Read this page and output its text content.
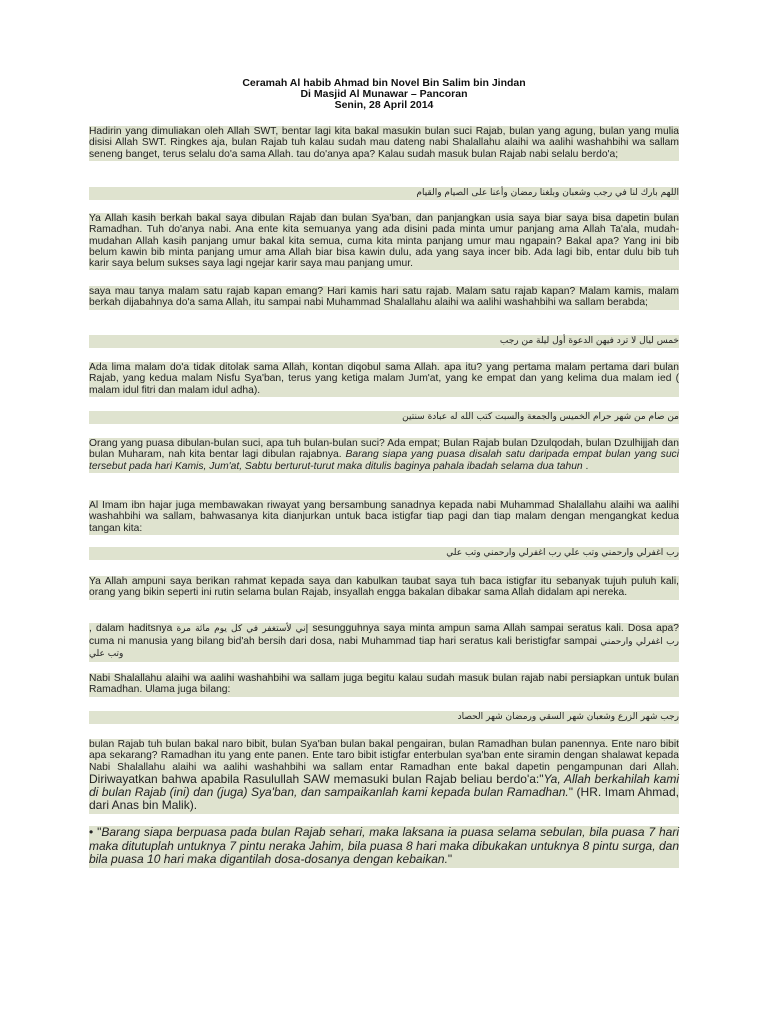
Ceramah Al habib Ahmad bin Novel Bin Salim bin Jindan
Di Masjid Al Munawar – Pancoran
Senin, 28 April 2014
Hadirin yang dimuliakan oleh Allah SWT, bentar lagi kita bakal masukin bulan suci Rajab, bulan yang agung, bulan yang mulia disisi Allah SWT. Ringkes aja, bulan Rajab tuh kalau sudah mau dateng nabi Shalallahu alaihi wa aalihi washahbihi wa sallam seneng banget, terus selalu do'a sama Allah. tau do'anya apa? Kalau sudah masuk bulan Rajab nabi selalu berdo'a;
اللهم بارك لنا في رجب وشعبان وبلغنا رمضان وأعنا على الصيام والقيام
Ya Allah kasih berkah bakal saya dibulan Rajab dan bulan Sya'ban, dan panjangkan usia saya biar saya bisa dapetin bulan Ramadhan. Tuh do'anya nabi. Ana ente kita semuanya yang ada disini pada minta umur panjang ama Allah Ta'ala, mudah-mudahan Allah kasih panjang umur bakal kita semua, cuma kita minta panjang umur mau ngapain? Bakal apa? Yang ini bib belum kawin bib minta panjang umur ama Allah biar bisa kawin dulu, ada yang saya incer bib. Ada lagi bib, entar dulu bib tuh karir saya belum sukses saya lagi ngejar karir saya mau panjang umur.
saya mau tanya malam satu rajab kapan emang? Hari kamis hari satu rajab. Malam satu rajab kapan? Malam kamis, malam berkah dijabahnya do'a sama Allah, itu sampai nabi Muhammad Shalallahu alaihi wa aalihi washahbihi wa sallam berabda;
خمس ليال لا ترد فيهن الدعوة أول ليلة من رجب
Ada lima malam do'a tidak ditolak sama Allah, kontan diqobul sama Allah. apa itu? yang pertama malam pertama dari bulan Rajab, yang kedua malam Nisfu Sya'ban, terus yang ketiga malam Jum'at, yang ke empat dan yang kelima dua malam ied ( malam idul fitri dan malam idul adha).
من صام من شهر حرام الخميس والجمعة والسبت كتب الله له عبادة سنتين
Orang yang puasa dibulan-bulan suci, apa tuh bulan-bulan suci? Ada empat; Bulan Rajab bulan Dzulqodah, bulan Dzulhijjah dan bulan Muharam, nah kita bentar lagi dibulan rajabnya. Barang siapa yang puasa disalah satu daripada empat bulan yang suci tersebut pada hari Kamis, Jum'at, Sabtu berturut-turut maka ditulis baginya pahala ibadah selama dua tahun .
Al Imam ibn hajar juga membawakan riwayat yang bersambung sanadnya kepada nabi Muhammad Shalallahu alaihi wa aalihi washahbihi wa sallam, bahwasanya kita dianjurkan untuk baca istigfar tiap pagi dan tiap malam dengan mengangkat kedua tangan kita:
رب اغفرلي وارحمني وتب علي رب اغفرلي وارحمني وتب علي
Ya Allah ampuni saya berikan rahmat kepada saya dan kabulkan taubat saya tuh baca istigfar itu sebanyak tujuh puluh kali, orang yang bikin seperti ini rutin selama bulan Rajab, insyallah engga bakalan dibakar sama Allah didalam api nereka.
, dalam haditsnya إني لأستغفر في كل يوم مائة مرة sesungguhnya saya minta ampun sama Allah sampai seratus kali. Dosa apa? cuma ni manusia yang bilang bid'ah bersih dari dosa, nabi Muhammad tiap hari seratus kali beristigfar sampai رب اغفرلي وارحمني وتب علي
Nabi Shalallahu alaihi wa aalihi washahbihi wa sallam juga begitu kalau sudah masuk bulan rajab nabi persiapkan untuk bulan Ramadhan. Ulama juga bilang:
رجب شهر الزرع وشعبان شهر السقي ورمضان شهر الحصاد
bulan Rajab tuh bulan bakal naro bibit, bulan Sya'ban bulan bakal pengairan, bulan Ramadhan bulan panennya. Ente naro bibit apa sekarang? Ramadhan itu yang ente panen. Ente taro bibit istigfar enterbulan sya'ban ente siramin dengan shalawat kepada Nabi Shalallahu alaihi wa aalihi washahbihi wa sallam entar Ramadhan ente bakal dapetin pengampunan dari Allah. Diriwayatkan bahwa apabila Rasulullah SAW memasuki bulan Rajab beliau berdo'a:"Ya, Allah berkahilah kami di bulan Rajab (ini) dan (juga) Sya'ban, dan sampaikanlah kami kepada bulan Ramadhan." (HR. Imam Ahmad, dari Anas bin Malik).
• "Barang siapa berpuasa pada bulan Rajab sehari, maka laksana ia puasa selama sebulan, bila puasa 7 hari maka ditutuplah untuknya 7 pintu neraka Jahim, bila puasa 8 hari maka dibukakan untuknya 8 pintu surga, dan bila puasa 10 hari maka digantilah dosa-dosanya dengan kebaikan."
